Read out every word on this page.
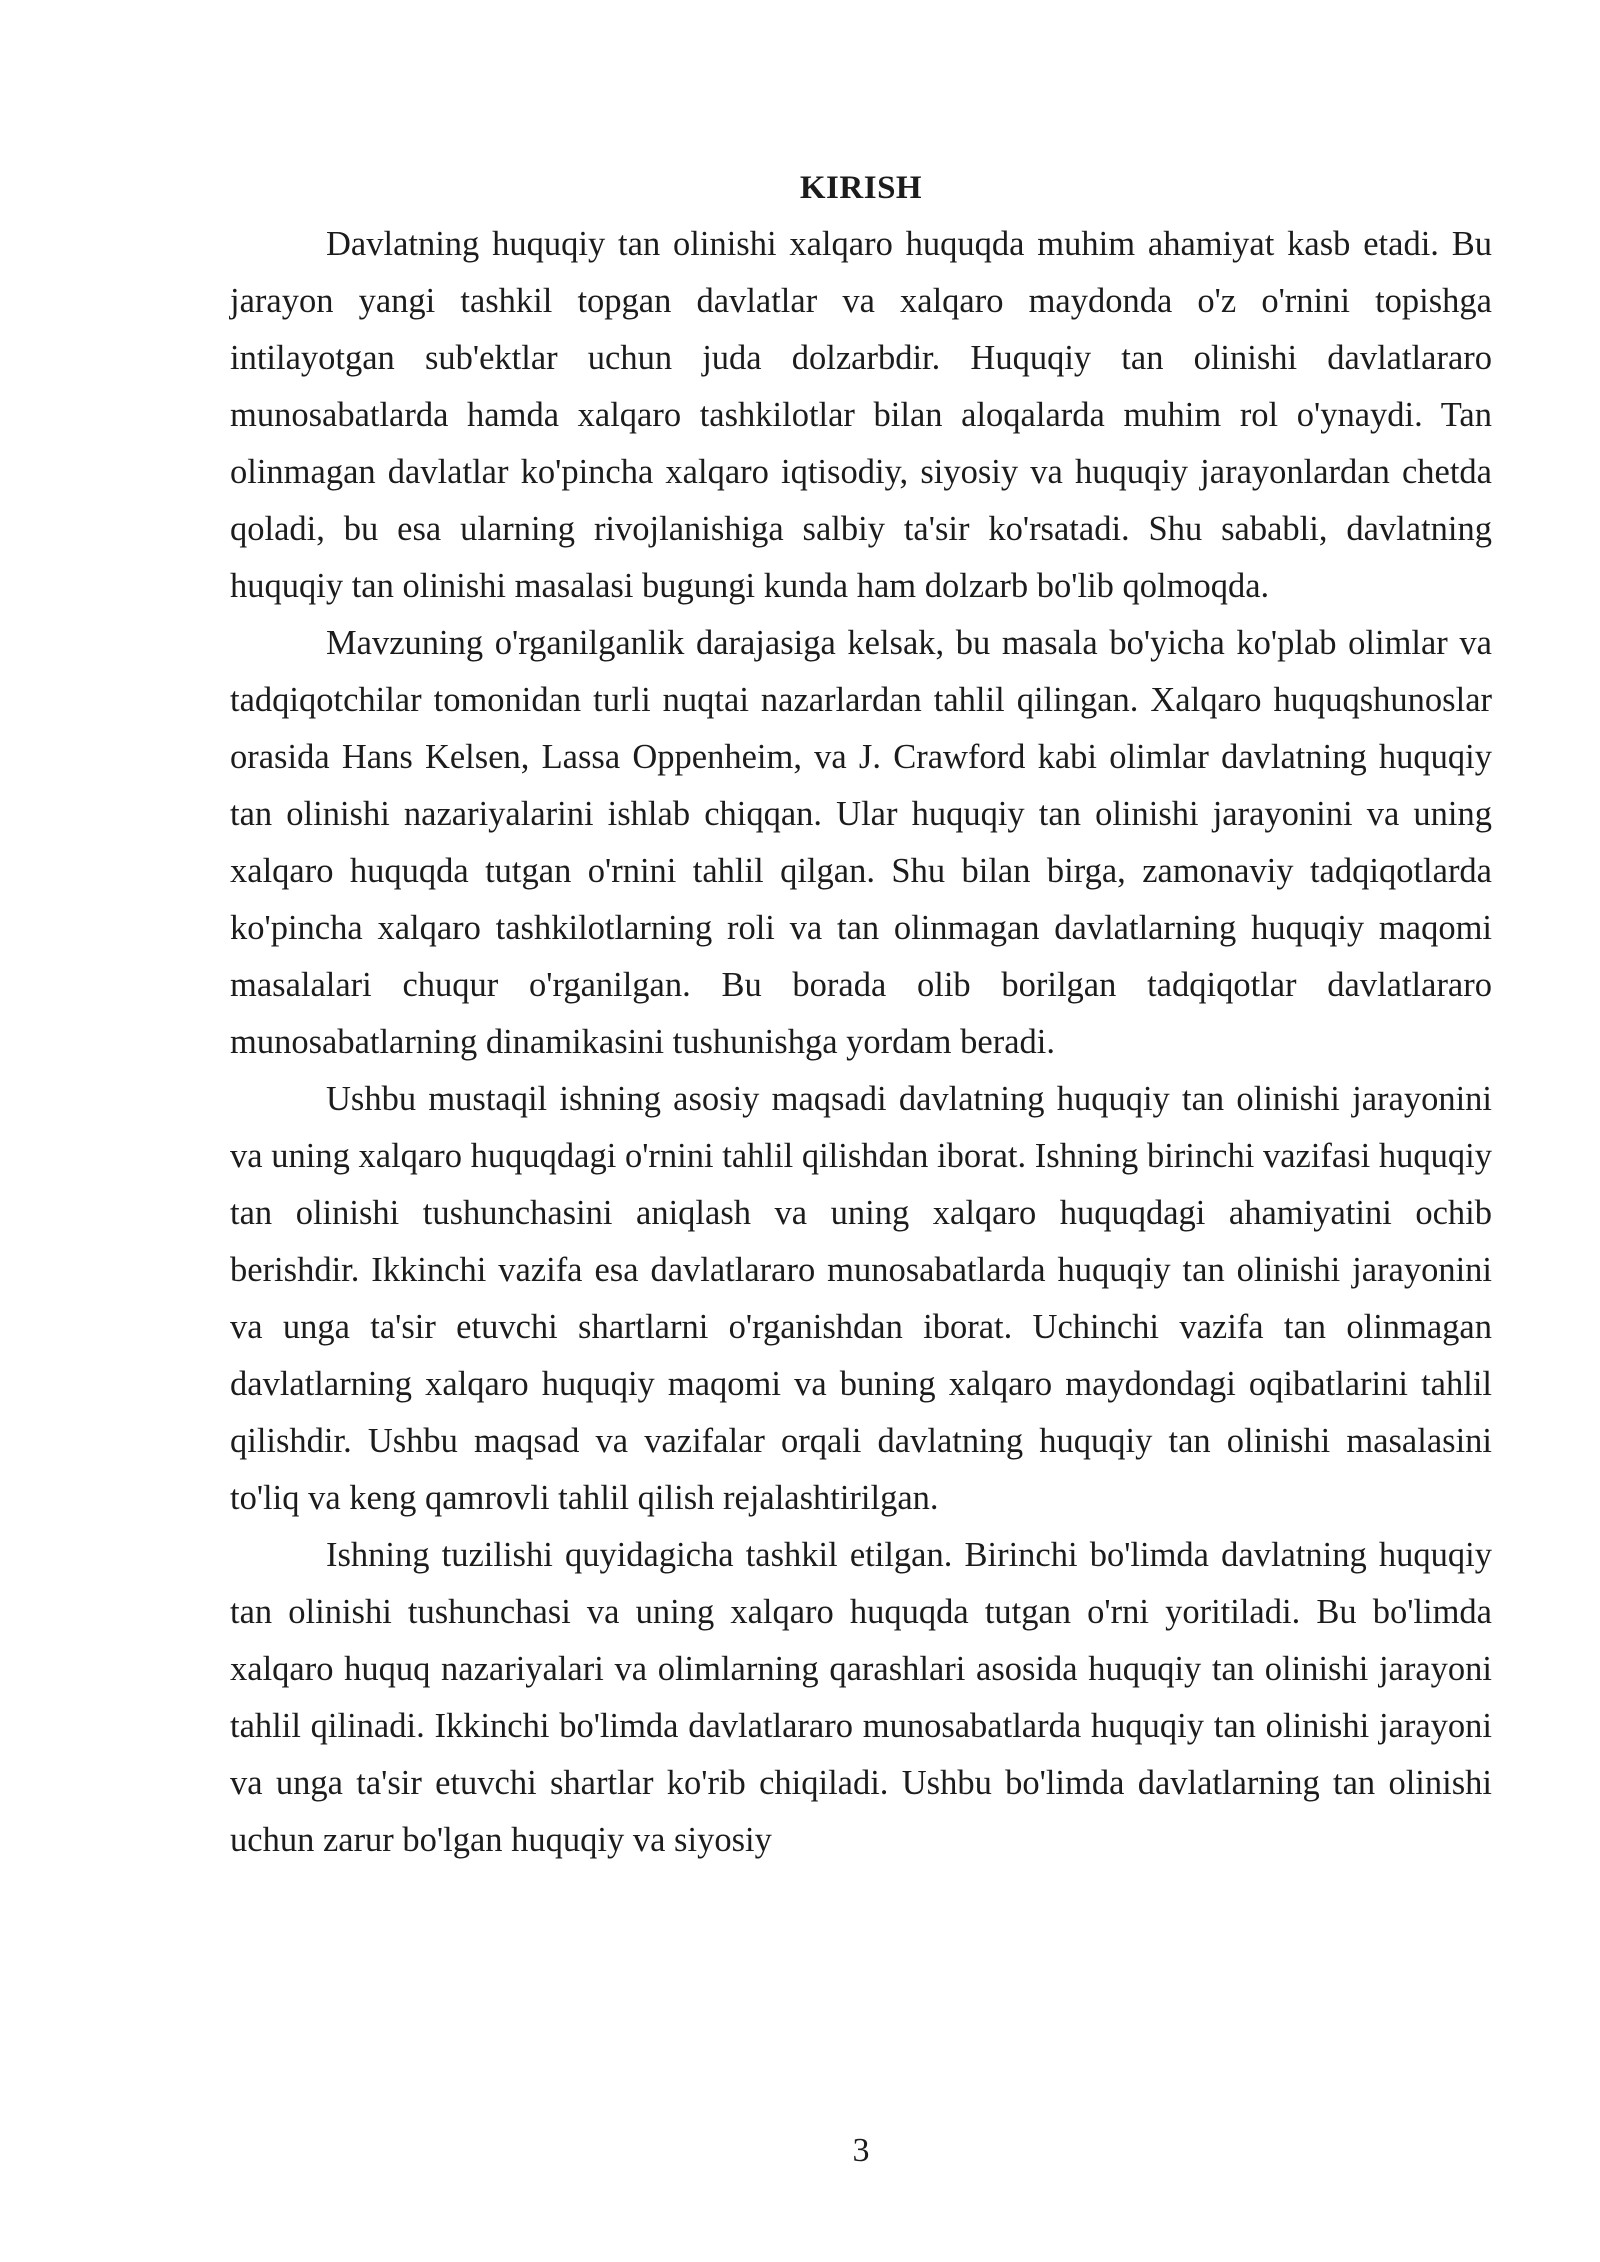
KIRISH

Davlatning huquqiy tan olinishi xalqaro huquqda muhim ahamiyat kasb etadi. Bu jarayon yangi tashkil topgan davlatlar va xalqaro maydonda o'z o'rnini topishga intilayotgan sub'ektlar uchun juda dolzarbdir. Huquqiy tan olinishi davlatlararo munosabatlarda hamda xalqaro tashkilotlar bilan aloqalarda muhim rol o'ynaydi. Tan olinmagan davlatlar ko'pincha xalqaro iqtisodiy, siyosiy va huquqiy jarayonlardan chetda qoladi, bu esa ularning rivojlanishiga salbiy ta'sir ko'rsatadi. Shu sababli, davlatning huquqiy tan olinishi masalasi bugungi kunda ham dolzarb bo'lib qolmoqda.

Mavzuning o'rganilganlik darajasiga kelsak, bu masala bo'yicha ko'plab olimlar va tadqiqotchilar tomonidan turli nuqtai nazarlardan tahlil qilingan. Xalqaro huquqshunoslar orasida Hans Kelsen, Lassa Oppenheim, va J. Crawford kabi olimlar davlatning huquqiy tan olinishi nazariyalarini ishlab chiqqan. Ular huquqiy tan olinishi jarayonini va uning xalqaro huquqda tutgan o'rnini tahlil qilgan. Shu bilan birga, zamonaviy tadqiqotlarda ko'pincha xalqaro tashkilotlarning roli va tan olinmagan davlatlarning huquqiy maqomi masalalari chuqur o'rganilgan. Bu borada olib borilgan tadqiqotlar davlatlararo munosabatlarning dinamikasini tushunishga yordam beradi.

Ushbu mustaqil ishning asosiy maqsadi davlatning huquqiy tan olinishi jarayonini va uning xalqaro huquqdagi o'rnini tahlil qilishdan iborat. Ishning birinchi vazifasi huquqiy tan olinishi tushunchasini aniqlash va uning xalqaro huquqdagi ahamiyatini ochib berishdir. Ikkinchi vazifa esa davlatlararo munosabatlarda huquqiy tan olinishi jarayonini va unga ta'sir etuvchi shartlarni o'rganishdan iborat. Uchinchi vazifa tan olinmagan davlatlarning xalqaro huquqiy maqomi va buning xalqaro maydondagi oqibatlarini tahlil qilishdir. Ushbu maqsad va vazifalar orqali davlatning huquqiy tan olinishi masalasini to'liq va keng qamrovli tahlil qilish rejalashtirilgan.

Ishning tuzilishi quyidagicha tashkil etilgan. Birinchi bo'limda davlatning huquqiy tan olinishi tushunchasi va uning xalqaro huquqda tutgan o'rni yoritiladi. Bu bo'limda xalqaro huquq nazariyalari va olimlarning qarashlari asosida huquqiy tan olinishi jarayoni tahlil qilinadi. Ikkinchi bo'limda davlatlararo munosabatlarda huquqiy tan olinishi jarayoni va unga ta'sir etuvchi shartlar ko'rib chiqiladi. Ushbu bo'limda davlatlarning tan olinishi uchun zarur bo'lgan huquqiy va siyosiy

3
